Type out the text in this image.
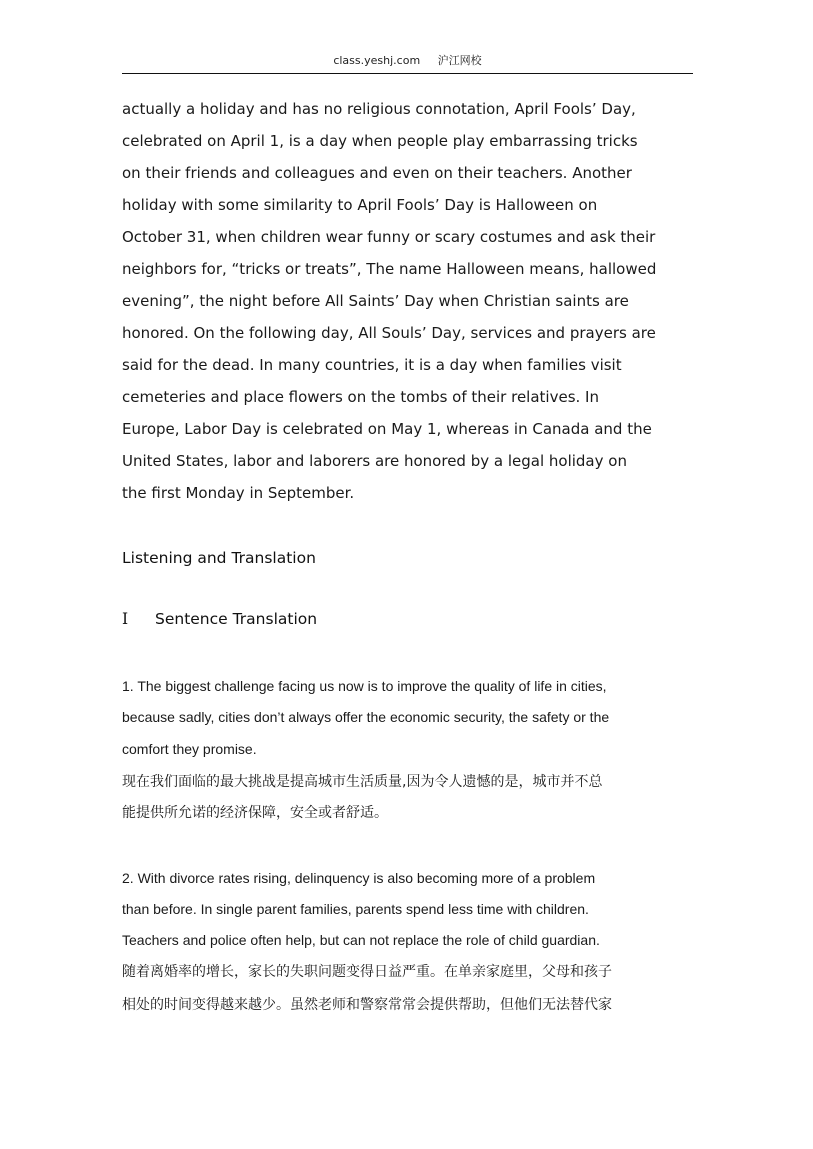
class.yeshj.com 沪江网校
actually a holiday and has no religious connotation, April Fools’ Day,
celebrated on April 1, is a day when people play embarrassing tricks
on their friends and colleagues and even on their teachers. Another
holiday with some similarity to April Fools’ Day is Halloween on
October 31, when children wear funny or scary costumes and ask their
neighbors for, “tricks or treats”, The name Halloween means, hallowed
evening”, the night before All Saints’ Day when Christian saints are
honored. On the following day, All Souls’ Day, services and prayers are
said for the dead. In many countries, it is a day when families visit
cemeteries and place flowers on the tombs of their relatives. In
Europe, Labor Day is celebrated on May 1, whereas in Canada and the
United States, labor and laborers are honored by a legal holiday on
the first Monday in September.
Listening and Translation
Ⅰ Sentence Translation
1. The biggest challenge facing us now is to improve the quality of life in cities,
because sadly, cities don’t always offer the economic security, the safety or the
comfort they promise.
现在我们面临的最大挑战是提高城市生活质量,因为令人遗憾的是，城市并不总
能提供所允诺的经济保障，安全或者舒适。
2. With divorce rates rising, delinquency is also becoming more of a problem
than before. In single parent families, parents spend less time with children.
Teachers and police often help, but can not replace the role of child guardian.
随着离婚率的增长，家长的失职问题变得日益严重。在单亲家庭里，父母和孩子
相处的时间变得越来越少。虽然老师和警察常常会提供帮助，但他们无法替代家
